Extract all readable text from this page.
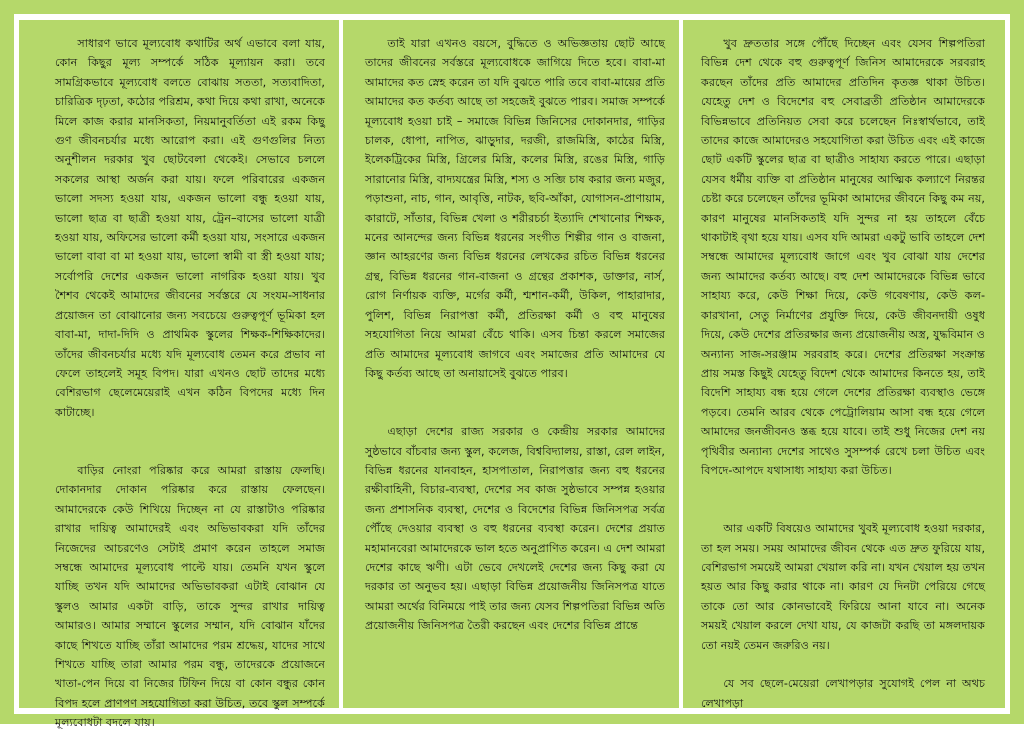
সাধারণ ভাবে মূল্যবোধ কথাটির অর্থ এভাবে বলা যায়, কোন কিছুর মূল্য সম্পর্কে সঠিক মূল্যায়ন করা। তবে সামগ্রিকভাবে মূল্যবোধ বলতে বোঝায় সততা, সত্যবাদিতা, চারিত্রিক দৃঢ়তা, কঠোর পরিশ্রম, কথা দিয়ে কথা রাখা, অনেকে মিলে কাজ করার মানসিকতা, নিয়মানুবর্তিতা এই রকম কিছু গুণ জীবনচর্যার মধ্যে আরোপ করা। এই গুণগুলির নিত্য অনুশীলন দরকার খুব ছোটবেলা থেকেই। সেভাবে চললে সকলের আস্থা অর্জন করা যায়। ফলে পরিবারের একজন ভালো সদস্য হওয়া যায়, একজন ভালো বন্ধু হওয়া যায়, ভালো ছাত্র বা ছাত্রী হওয়া যায়, ট্রেন–বাসের ভালো যাত্রী হওয়া যায়, অফিসের ভালো কর্মী হওয়া যায়, সংসারে একজন ভালো বাবা বা মা হওয়া যায়, ভালো স্বামী বা স্ত্রী হওয়া যায়; সর্বোপরি দেশের একজন ভালো নাগরিক হওয়া যায়। খুব শৈশব থেকেই আমাদের জীবনের সর্বস্তরে যে সংযম-সাধনার প্রয়োজন তা বোঝানোর জন্য সবচেয়ে গুরুত্বপূর্ণ ভূমিকা হল বাবা-মা, দাদা-দিদি ও প্রাথমিক স্কুলের শিক্ষক-শিক্ষিকাদের। তাঁদের জীবনচর্যার মধ্যে যদি মূল্যবোধ তেমন করে প্রভাব না ফেলে তাহলেই সমূহ বিপদ। যারা এখনও ছোট তাদের মধ্যে বেশিরভাগ ছেলেমেয়েরাই এখন কঠিন বিপদের মধ্যে দিন কাটাচ্ছে।

বাড়ির নোংরা পরিষ্কার করে আমরা রাস্তায় ফেলছি। দোকানদার দোকান পরিষ্কার করে রাস্তায় ফেলছেন। আমাদেরকে কেউ শিখিয়ে দিচ্ছেন না যে রাস্তাটাও পরিষ্কার রাখার দায়িত্ব আমাদেরই এবং অভিভাবকরা যদি তাঁদের নিজেদের আচরণেও সেটাই প্রমাণ করেন তাহলে সমাজ সম্বন্ধে আমাদের মূল্যবোধ পাল্টে যায়। তেমনি যখন স্কুলে যাচ্ছি তখন যদি আমাদের অভিভাবকরা এটাই বোঝান যে স্কুলও আমার একটা বাড়ি, তাকে সুন্দর রাখার দায়িত্ব আমারও। আমার সম্মানে স্কুলের সম্মান, যদি বোঝান যাঁদের কাছে শিখতে যাচ্ছি তাঁরা আমাদের পরম শ্রদ্ধেয়, যাদের সাথে শিখতে যাচ্ছি তারা আমার পরম বন্ধু, তাদেরকে প্রয়োজনে খাতা-পেন দিয়ে বা নিজের টিফিন দিয়ে বা কোন বন্ধুর কোন বিপদ হলে প্রাণপণ সহযোগিতা করা উচিত, তবে স্কুল সম্পর্কে মূল্যবোধটা বদলে যায়।

তাই যারা এখনও বয়সে, বুদ্ধিতে ও অভিজ্ঞতায় ছোট আছে তাদের জীবনের সর্বস্তরে মূল্যবোধকে জাগিয়ে দিতে হবে। বাবা-মা আমাদের কত স্নেহ করেন তা যদি বুঝতে পারি তবে বাবা-মায়ের প্রতি আমাদের কত কর্তব্য আছে তা সহজেই বুঝতে পারব। সমাজ সম্পর্কে মূল্যবোধ হওয়া চাই – সমাজে বিভিন্ন জিনিসের দোকানদার, গাড়ির চালক, ধোপা, নাপিত, ঝাড়ুদার, দরজী, রাজমিস্ত্রি, কাঠের মিস্ত্রি, ইলেকট্রিকের মিস্ত্রি, গ্রিলের মিস্ত্রি, কলের মিস্ত্রি, রঙের মিস্ত্রি, গাড়ি সারানোর মিস্ত্রি, বাদ্যযন্ত্রের মিস্ত্রি, শস্য ও সব্জি চাষ করার জন্য মজুর, পড়াশুনা, নাচ, গান, আবৃত্তি, নাটক, ছবি-আঁকা, যোগাসন-প্রাণায়াম, কারাটে, সাঁতার, বিভিন্ন খেলা ও শরীরচর্চা ইত্যাদি শেখানোর শিক্ষক, মনের আনন্দের জন্য বিভিন্ন ধরনের সংগীত শিল্পীর গান ও বাজনা, জ্ঞান আহরণের জন্য বিভিন্ন ধরনের লেখকের রচিত বিভিন্ন ধরনের গ্রন্থ, বিভিন্ন ধরনের গান-বাজনা ও গ্রন্থের প্রকাশক, ডাক্তার, নার্স, রোগ নির্ণায়ক ব্যক্তি, মর্গের কর্মী, শ্মশান-কর্মী, উকিল, পাহারাদার, পুলিশ, বিভিন্ন নিরাপত্তা কর্মী, প্রতিরক্ষা কর্মী ও বহু মানুষের সহযোগিতা নিয়ে আমরা বেঁচে থাকি। এসব চিন্তা করলে সমাজের প্রতি আমাদের মূল্যবোধ জাগবে এবং সমাজের প্রতি আমাদের যে কিছু কর্তব্য আছে তা অনায়াসেই বুঝতে পারব।

এছাড়া দেশের রাজ্য সরকার ও কেন্দ্রীয় সরকার আমাদের সুষ্ঠভাবে বাঁচবার জন্য স্কুল, কলেজ, বিশ্ববিদ্যালয়, রাস্তা, রেল লাইন, বিভিন্ন ধরনের যানবাহন, হাসপাতাল, নিরাপত্তার জন্য বহু ধরনের রক্ষীবাহিনী, বিচার-ব্যবস্থা, দেশের সব কাজ সুষ্ঠভাবে সম্পন্ন হওয়ার জন্য প্রশাসনিক ব্যবস্থা, দেশের ও বিদেশের বিভিন্ন জিনিসপত্র সর্বত্র পৌঁছে দেওয়ার ব্যবস্থা ও বহু ধরনের ব্যবস্থা করেন। দেশের প্রয়াত মহামানবেরা আমাদেরকে ভাল হতে অনুপ্রাণিত করেন। এ দেশ আমরা দেশের কাছে ঋণী। এটা ভেবে দেখলেই দেশের জন্য কিছু করা যে দরকার তা অনুভব হয়। এছাড়া বিভিন্ন প্রয়োজনীয় জিনিসপত্র যাতে আমরা অর্থের বিনিময়ে পাই তার জন্য যেসব শিল্পপতিরা বিভিন্ন অতি প্রয়োজনীয় জিনিসপত্র তৈরী করছেন এবং দেশের বিভিন্ন প্রান্তে

খুব দ্রুততার সঙ্গে পৌঁছে দিচ্ছেন এবং যেসব শিল্পপতিরা বিভিন্ন দেশ থেকে বহু গুরুত্বপূর্ণ জিনিস আমাদেরকে সরবরাহ করছেন তাঁদের প্রতি আমাদের প্রতিদিন কৃতজ্ঞ থাকা উচিত। যেহেতু দেশ ও বিদেশের বহু সেবাব্রতী প্রতিষ্ঠান আমাদেরকে বিভিন্নভাবে প্রতিনিয়ত সেবা করে চলেছেন নিঃস্বার্থভাবে, তাই তাদের কাজে আমাদেরও সহযোগিতা করা উচিত এবং এই কাজে ছোট একটি স্কুলের ছাত্র বা ছাত্রীও সাহায্য করতে পারে। এছাড়া যেসব ধর্মীয় ব্যক্তি বা প্রতিষ্ঠান মানুষের আত্মিক কল্যাণে নিরন্তর চেষ্টা করে চলেছেন তাঁদের ভূমিকা আমাদের জীবনে কিছু কম নয়, কারণ মানুষের মানসিকতাই যদি সুন্দর না হয় তাহলে বেঁচে থাকাটাই বৃথা হয়ে যায়। এসব যদি আমরা একটু ভাবি তাহলে দেশ সম্বন্ধে আমাদের মূল্যবোধ জাগে এবং খুব বোঝা যায় দেশের জন্য আমাদের কর্তব্য আছে। বহু দেশ আমাদেরকে বিভিন্ন ভাবে সাহায্য করে, কেউ শিক্ষা দিয়ে, কেউ গবেষণায়, কেউ কল-কারখানা, সেতু নির্মাণের প্রযুক্তি দিয়ে, কেউ জীবনদায়ী ওষুধ দিয়ে, কেউ দেশের প্রতিরক্ষার জন্য প্রয়োজনীয় অস্ত্র, যুদ্ধবিমান ও অন্যান্য সাজ-সরঞ্জাম সরবরাহ করে। দেশের প্রতিরক্ষা সংক্রান্ত প্রায় সমস্ত কিছুই যেহেতু বিদেশ থেকে আমাদের কিনতে হয়, তাই বিদেশি সাহায্য বন্ধ হয়ে গেলে দেশের প্রতিরক্ষা ব্যবস্থাও ভেঙ্গে পড়বে। তেমনি আরব থেকে পেট্রোলিয়াম আসা বন্ধ হয়ে গেলে আমাদের জনজীবনও স্তব্ধ হয়ে যাবে। তাই শুধু নিজের দেশ নয় পৃথিবীর অন্যান্য দেশের সাথেও সুসম্পর্ক রেখে চলা উচিত এবং বিপদে-আপদে যথাসাধ্য সাহায্য করা উচিত।

আর একটি বিষয়েও আমাদের খুবই মূল্যবোধ হওয়া দরকার, তা হল সময়। সময় আমাদের জীবন থেকে এত দ্রুত ফুরিয়ে যায়, বেশিরভাগ সময়েই আমরা খেয়াল করি না। যখন খেয়াল হয় তখন হয়ত আর কিছু করার থাকে না। কারণ যে দিনটা পেরিয়ে গেছে তাকে তো আর কোনভাবেই ফিরিয়ে আনা যাবে না। অনেক সময়ই খেয়াল করলে দেখা যায়, যে কাজটা করছি তা মঙ্গলদায়ক তো নয়ই তেমন জরুরিও নয়।

যে সব ছেলে-মেয়েরা লেখাপড়ার সুযোগই পেল না অথচ লেখাপড়া
